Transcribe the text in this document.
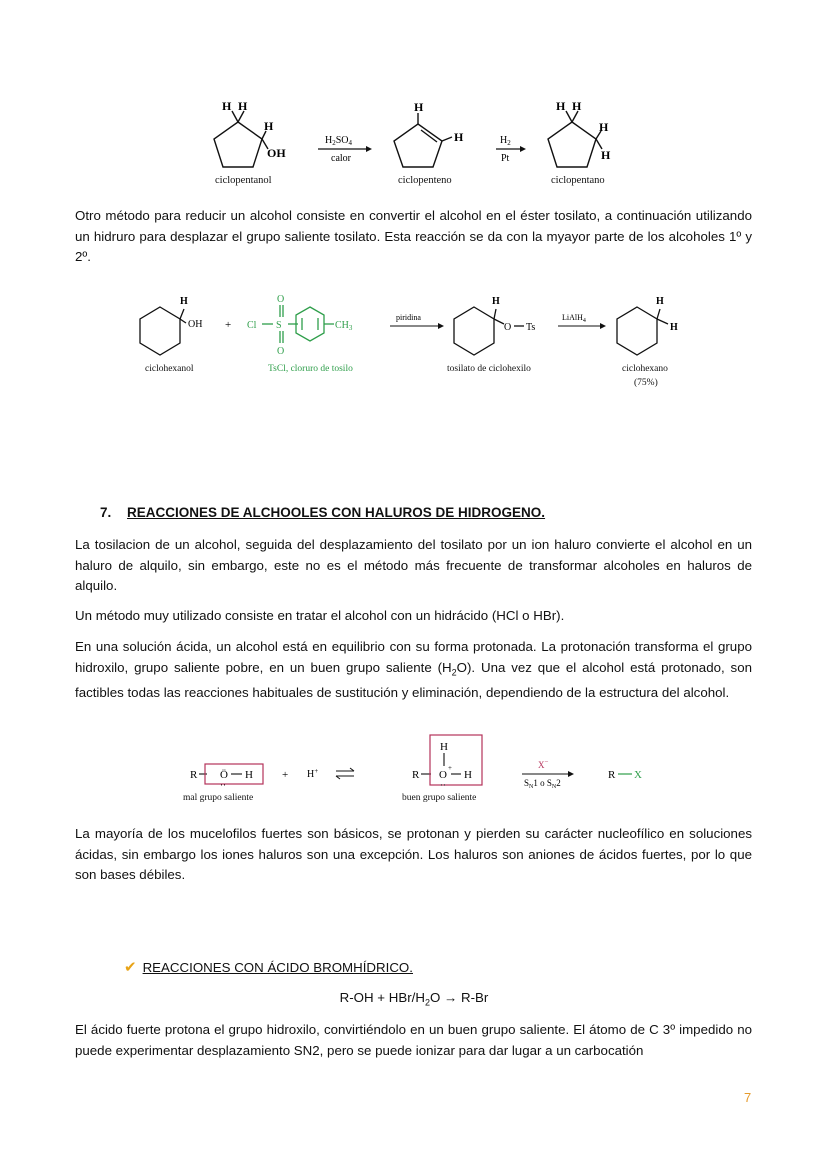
H H
H
OH
$H_2SO_4$
calor
H
H	$H_2$
Pt
H H
H
H
ciclopentanol	ciclopenteno	ciclopentano
Otro método para reducir un alcohol consiste en convertir el alcohol en el éster tosilato, a continuación utilizando un hidruro para desplazar el grupo saliente tosilato. Esta reacción se da con la myayor parte de los alcoholes 1º y 2º.
H
OH + Cl
O
S
O
$CH_3$
piridina
H
O Ts
LiAlH$_4$
H
H
ciclohexanol	TsCl, cloruro de tosilo	tosilato de ciclohexilo	ciclohexano
(75%)
7. REACCIONES DE ALCHOOLES CON HALUROS DE HIDROGENO.
La tosilacion de un alcohol, seguida del desplazamiento del tosilato por un ion haluro convierte el alcohol en un haluro de alquilo, sin embargo, este no es el método más frecuente de transformar alcoholes en haluros de alquilo.
Un método muy utilizado consiste en tratar el alcohol con un hidrácido (HCl o HBr).
En una solución ácida, un alcohol está en equilibrio con su forma protonada. La protonación transforma el grupo hidroxilo, grupo saliente pobre, en un buen grupo saliente $(H_2O)$. Una vez que el alcohol está protonado, son factibles todas las reacciones habituales de sustitución y eliminación, dependiendo de la estructura del alcohol.
R Ö
··
H	+ H+	R
H
O
+
··
H
X−
$S_N1$ o $S_N2$
R X
mal grupo saliente	buen grupo saliente
La mayoría de los mucelofilos fuertes son básicos, se protonan y pierden su carácter nucleofílico en soluciones ácidas, sin embargo los iones haluros son una excepción. Los haluros son aniones de ácidos fuertes, por lo que son bases débiles.
✔ REACCIONES CON ÁCIDO BROMHÍDRICO.
R-OH + HBr/$H_2O \to R-Br$
El ácido fuerte protona el grupo hidroxilo, convirtiéndolo en un buen grupo saliente. El átomo de C 3º impedido no puede experimentar desplazamiento SN2, pero se puede ionizar para dar lugar a un carbocatión
7
